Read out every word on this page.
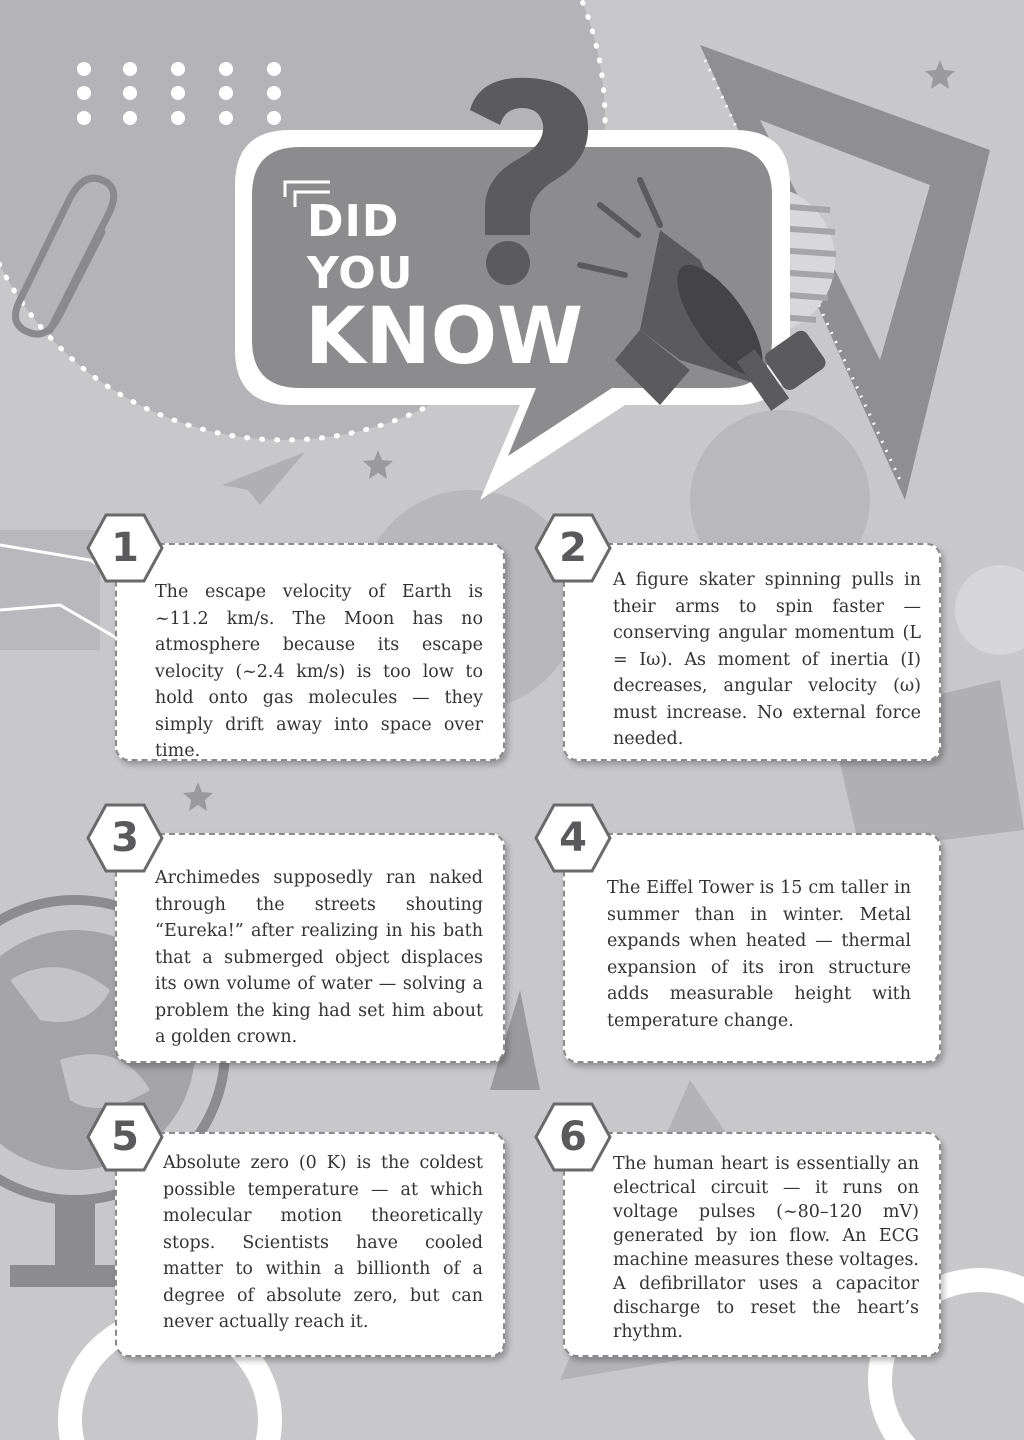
DID
YOU
KNOW

The escape velocity of Earth is ~11.2 km/s. The Moon has no atmosphere because its escape velocity (~2.4 km/s) is too low to hold onto gas molecules — they simply drift away into space over time.

1

A figure skater spinning pulls in their arms to spin faster — conserving angular momentum (L = Iω). As moment of inertia (I) decreases, angular velocity (ω) must increase. No external force needed.

2

Archimedes supposedly ran naked through the streets shouting “Eureka!” after realizing in his bath that a submerged object displaces its own volume of water — solving a problem the king had set him about a golden crown.

3

The Eiffel Tower is 15 cm taller in summer than in winter. Metal expands when heated — thermal expansion of its iron structure adds measurable height with temperature change.

4

Absolute zero (0 K) is the coldest possible temperature — at which molecular motion theoretically stops. Scientists have cooled matter to within a billionth of a degree of absolute zero, but can never actually reach it.

5

The human heart is essentially an electrical circuit — it runs on voltage pulses (~80–120 mV) generated by ion flow. An ECG machine measures these voltages. A defibrillator uses a capacitor discharge to reset the heart’s rhythm.

6
